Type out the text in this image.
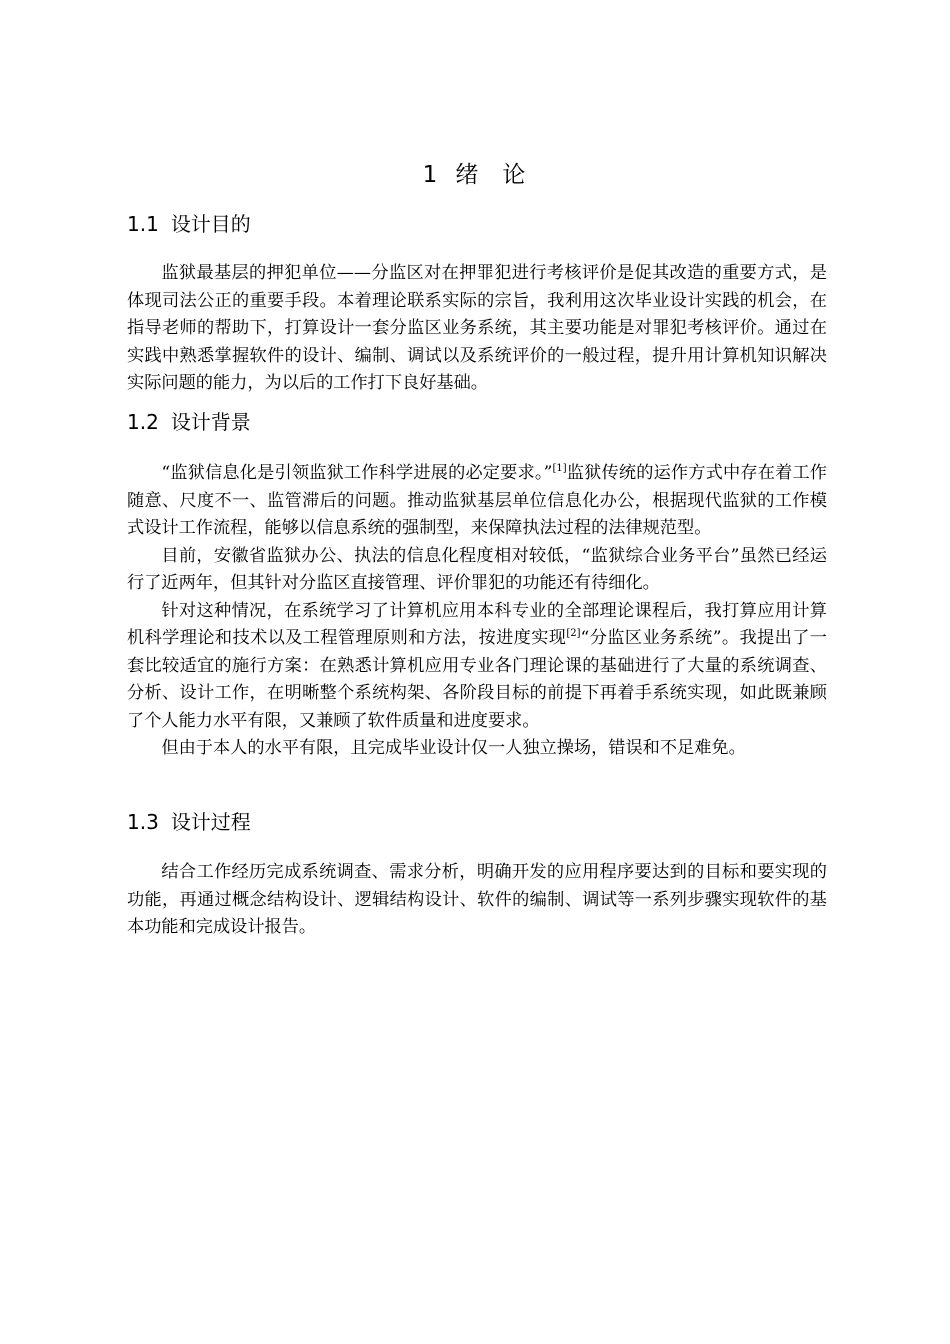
1 绪 论
1.1 设计目的

监狱最基层的押犯单位——分监区对在押罪犯进行考核评价是促其改造的重要方式，是体现司法公正的重要手段。本着理论联系实际的宗旨，我利用这次毕业设计实践的机会，在指导老师的帮助下，打算设计一套分监区业务系统，其主要功能是对罪犯考核评价。通过在实践中熟悉掌握软件的设计、编制、调试以及系统评价的一般过程，提升用计算机知识解决实际问题的能力，为以后的工作打下良好基础。

1.2 设计背景

“监狱信息化是引领监狱工作科学进展的必定要求。”[1]监狱传统的运作方式中存在着工作随意、尺度不一、监管滞后的问题。推动监狱基层单位信息化办公，根据现代监狱的工作模式设计工作流程，能够以信息系统的强制型，来保障执法过程的法律规范型。

目前，安徽省监狱办公、执法的信息化程度相对较低，“监狱综合业务平台”虽然已经运行了近两年，但其针对分监区直接管理、评价罪犯的功能还有待细化。

针对这种情况，在系统学习了计算机应用本科专业的全部理论课程后，我打算应用计算机科学理论和技术以及工程管理原则和方法，按进度实现[2]“分监区业务系统”。我提出了一套比较适宜的施行方案：在熟悉计算机应用专业各门理论课的基础进行了大量的系统调查、分析、设计工作，在明晰整个系统构架、各阶段目标的前提下再着手系统实现，如此既兼顾了个人能力水平有限，又兼顾了软件质量和进度要求。

但由于本人的水平有限，且完成毕业设计仅一人独立操场，错误和不足难免。

1.3 设计过程

结合工作经历完成系统调查、需求分析，明确开发的应用程序要达到的目标和要实现的功能，再通过概念结构设计、逻辑结构设计、软件的编制、调试等一系列步骤实现软件的基本功能和完成设计报告。
